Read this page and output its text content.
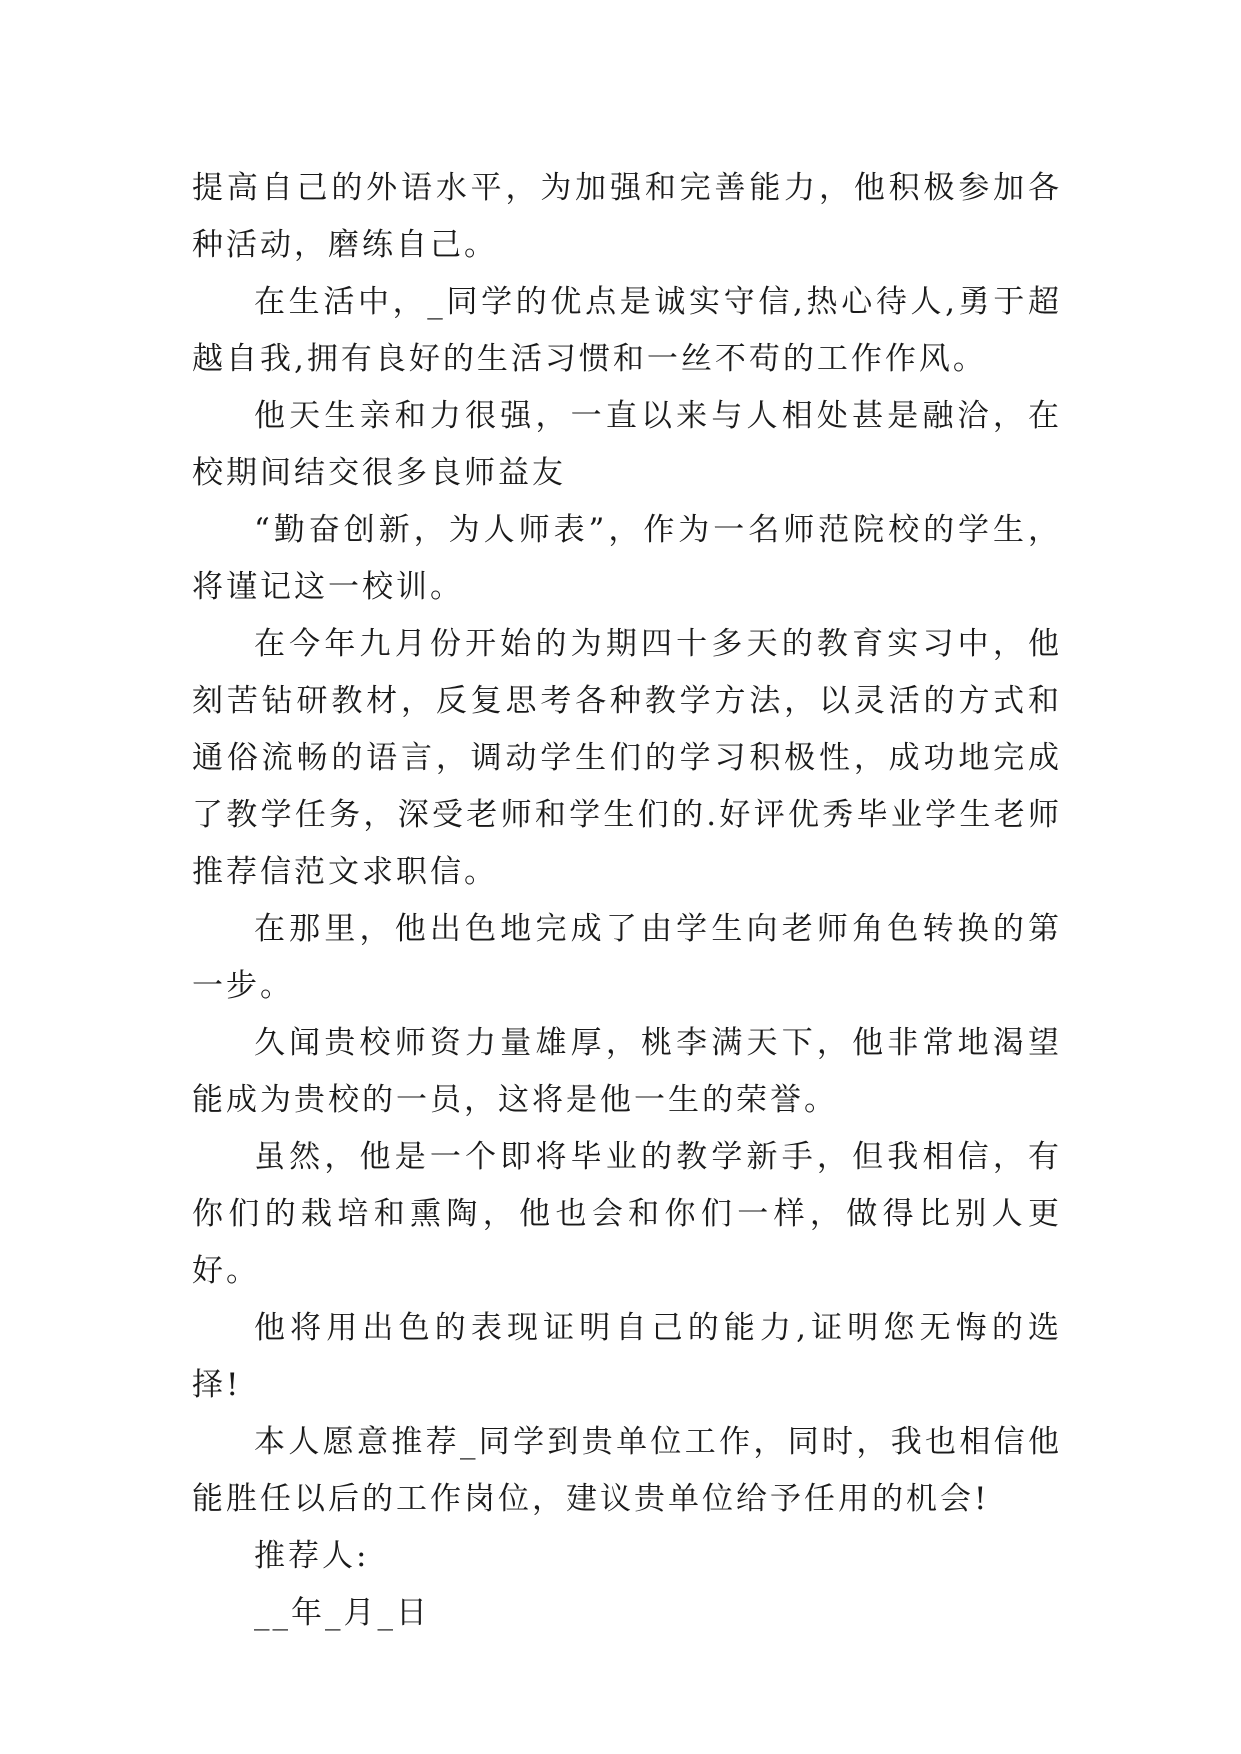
提高自己的外语水平，为加强和完善能力，他积极参加各种活动，磨练自己。

在生活中，_同学的优点是诚实守信,热心待人,勇于超越自我,拥有良好的生活习惯和一丝不苟的工作作风。

他天生亲和力很强，一直以来与人相处甚是融洽，在校期间结交很多良师益友

“勤奋创新，为人师表”，作为一名师范院校的学生，将谨记这一校训。

在今年九月份开始的为期四十多天的教育实习中，他刻苦钻研教材，反复思考各种教学方法，以灵活的方式和通俗流畅的语言，调动学生们的学习积极性，成功地完成了教学任务，深受老师和学生们的.好评优秀毕业学生老师推荐信范文求职信。

在那里，他出色地完成了由学生向老师角色转换的第一步。

久闻贵校师资力量雄厚，桃李满天下，他非常地渴望能成为贵校的一员，这将是他一生的荣誉。

虽然，他是一个即将毕业的教学新手，但我相信，有你们的栽培和熏陶，他也会和你们一样，做得比别人更好。

他将用出色的表现证明自己的能力,证明您无悔的选择!

本人愿意推荐_同学到贵单位工作，同时，我也相信他能胜任以后的工作岗位，建议贵单位给予任用的机会!

推荐人:

__年_月_日
